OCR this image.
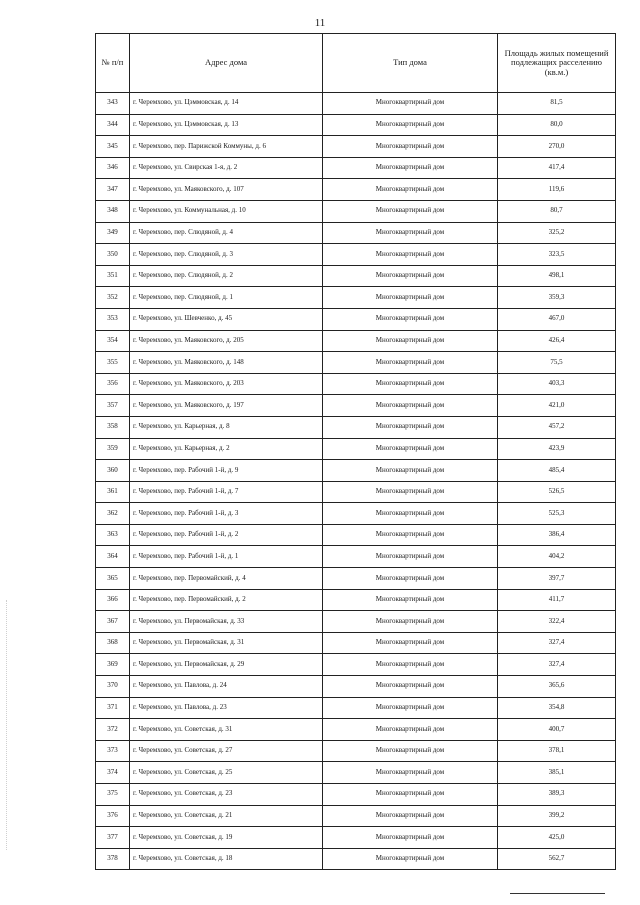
11
№ п/п	Адрес дома	Тип дома	Площадь жилых помещений подлежащих расселению (кв.м.)
343	г. Черемхово, ул. Цэммовская, д. 14	Многоквартирный дом	81,5
344	г. Черемхово, ул. Цэммовская, д. 13	Многоквартирный дом	80,0
345	г. Черемхово, пер. Парижской Коммуны, д. 6	Многоквартирный дом	270,0
346	г. Черемхово, ул. Свирская 1-я, д. 2	Многоквартирный дом	417,4
347	г. Черемхово, ул. Маяковского, д. 107	Многоквартирный дом	119,6
348	г. Черемхово, ул. Коммунальная, д. 10	Многоквартирный дом	80,7
349	г. Черемхово, пер. Слюдяной, д. 4	Многоквартирный дом	325,2
350	г. Черемхово, пер. Слюдяной, д. 3	Многоквартирный дом	323,5
351	г. Черемхово, пер. Слюдяной, д. 2	Многоквартирный дом	498,1
352	г. Черемхово, пер. Слюдяной, д. 1	Многоквартирный дом	359,3
353	г. Черемхово, ул. Шевченко, д. 45	Многоквартирный дом	467,0
354	г. Черемхово, ул. Маяковского, д. 205	Многоквартирный дом	426,4
355	г. Черемхово, ул. Маяковского, д. 148	Многоквартирный дом	75,5
356	г. Черемхово, ул. Маяковского, д. 203	Многоквартирный дом	403,3
357	г. Черемхово, ул. Маяковского, д. 197	Многоквартирный дом	421,0
358	г. Черемхово, ул. Карьерная, д. 8	Многоквартирный дом	457,2
359	г. Черемхово, ул. Карьерная, д. 2	Многоквартирный дом	423,9
360	г. Черемхово, пер. Рабочий 1-й, д. 9	Многоквартирный дом	485,4
361	г. Черемхово, пер. Рабочий 1-й, д. 7	Многоквартирный дом	526,5
362	г. Черемхово, пер. Рабочий 1-й, д. 3	Многоквартирный дом	525,3
363	г. Черемхово, пер. Рабочий 1-й, д. 2	Многоквартирный дом	386,4
364	г. Черемхово, пер. Рабочий 1-й, д. 1	Многоквартирный дом	404,2
365	г. Черемхово, пер. Первомайский, д. 4	Многоквартирный дом	397,7
366	г. Черемхово, пер. Первомайский, д. 2	Многоквартирный дом	411,7
367	г. Черемхово, ул. Первомайская, д. 33	Многоквартирный дом	322,4
368	г. Черемхово, ул. Первомайская, д. 31	Многоквартирный дом	327,4
369	г. Черемхово, ул. Первомайская, д. 29	Многоквартирный дом	327,4
370	г. Черемхово, ул. Павлова, д. 24	Многоквартирный дом	365,6
371	г. Черемхово, ул. Павлова, д. 23	Многоквартирный дом	354,8
372	г. Черемхово, ул. Советская, д. 31	Многоквартирный дом	400,7
373	г. Черемхово, ул. Советская, д. 27	Многоквартирный дом	378,1
374	г. Черемхово, ул. Советская, д. 25	Многоквартирный дом	385,1
375	г. Черемхово, ул. Советская, д. 23	Многоквартирный дом	389,3
376	г. Черемхово, ул. Советская, д. 21	Многоквартирный дом	399,2
377	г. Черемхово, ул. Советская, д. 19	Многоквартирный дом	425,0
378	г. Черемхово, ул. Советская, д. 18	Многоквартирный дом	562,7
